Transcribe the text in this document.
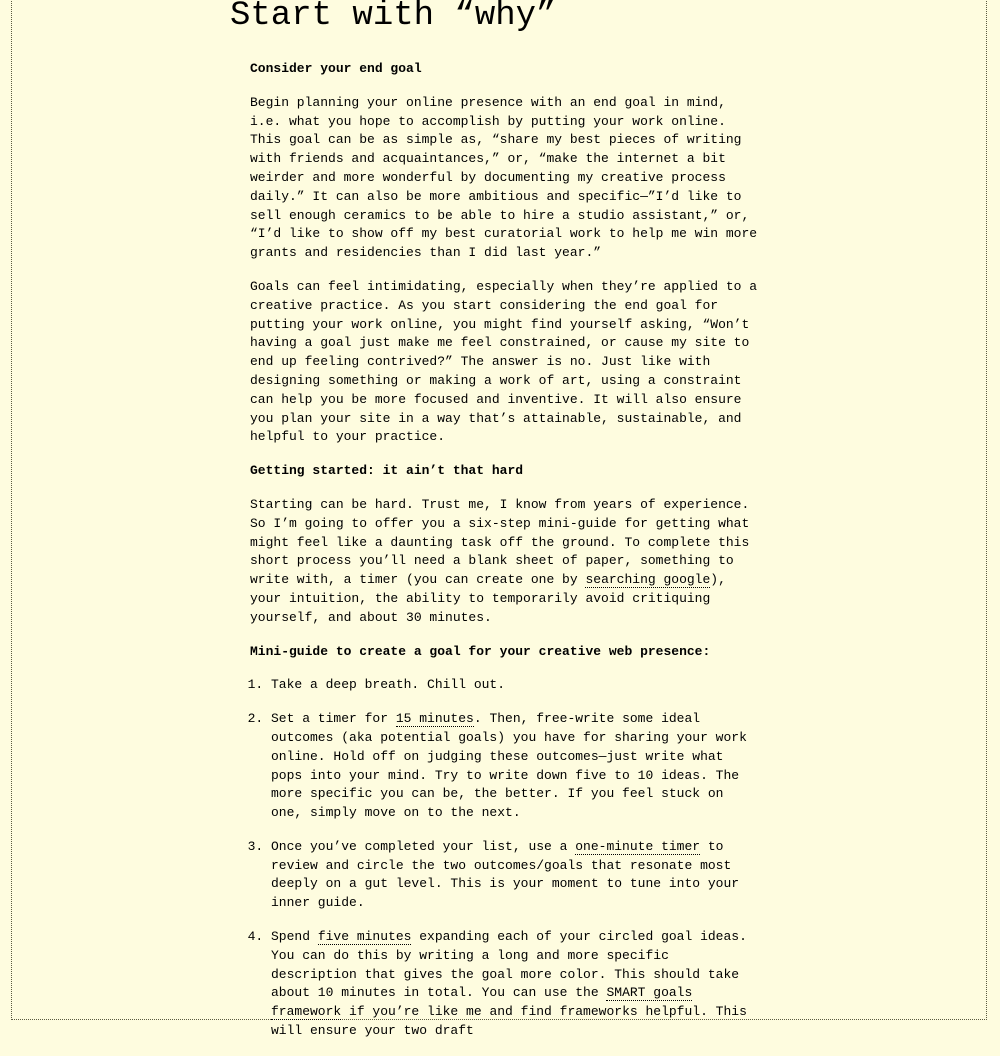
Start with “why”

Consider your end goal

Begin planning your online presence with an end goal in mind, i.e. what you hope to accomplish by putting your work online. This goal can be as simple as, “share my best pieces of writing with friends and acquaintances,” or, “make the internet a bit weirder and more wonderful by documenting my creative process daily.” It can also be more ambitious and specific—”I’d like to sell enough ceramics to be able to hire a studio assistant,” or, “I’d like to show off my best curatorial work to help me win more grants and residencies than I did last year.”

Goals can feel intimidating, especially when they’re applied to a creative practice. As you start considering the end goal for putting your work online, you might find yourself asking, “Won’t having a goal just make me feel constrained, or cause my site to end up feeling contrived?” The answer is no. Just like with designing something or making a work of art, using a constraint can help you be more focused and inventive. It will also ensure you plan your site in a way that’s attainable, sustainable, and helpful to your practice.

Getting started: it ain’t that hard

Starting can be hard. Trust me, I know from years of experience. So I’m going to offer you a six-step mini-guide for getting what might feel like a daunting task off the ground. To complete this short process you’ll need a blank sheet of paper, something to write with, a timer (you can create one by searching google), your intuition, the ability to temporarily avoid critiquing yourself, and about 30 minutes.

Mini-guide to create a goal for your creative web presence:

1. Take a deep breath. Chill out.
2. Set a timer for 15 minutes. Then, free-write some ideal outcomes (aka potential goals) you have for sharing your work online. Hold off on judging these outcomes—just write what pops into your mind. Try to write down five to 10 ideas. The more specific you can be, the better. If you feel stuck on one, simply move on to the next.
3. Once you’ve completed your list, use a one-minute timer to review and circle the two outcomes/goals that resonate most deeply on a gut level. This is your moment to tune into your inner guide.
4. Spend five minutes expanding each of your circled goal ideas. You can do this by writing a long and more specific description that gives the goal more color. This should take about 10 minutes in total. You can use the SMART goals framework if you’re like me and find frameworks helpful. This will ensure your two draft
